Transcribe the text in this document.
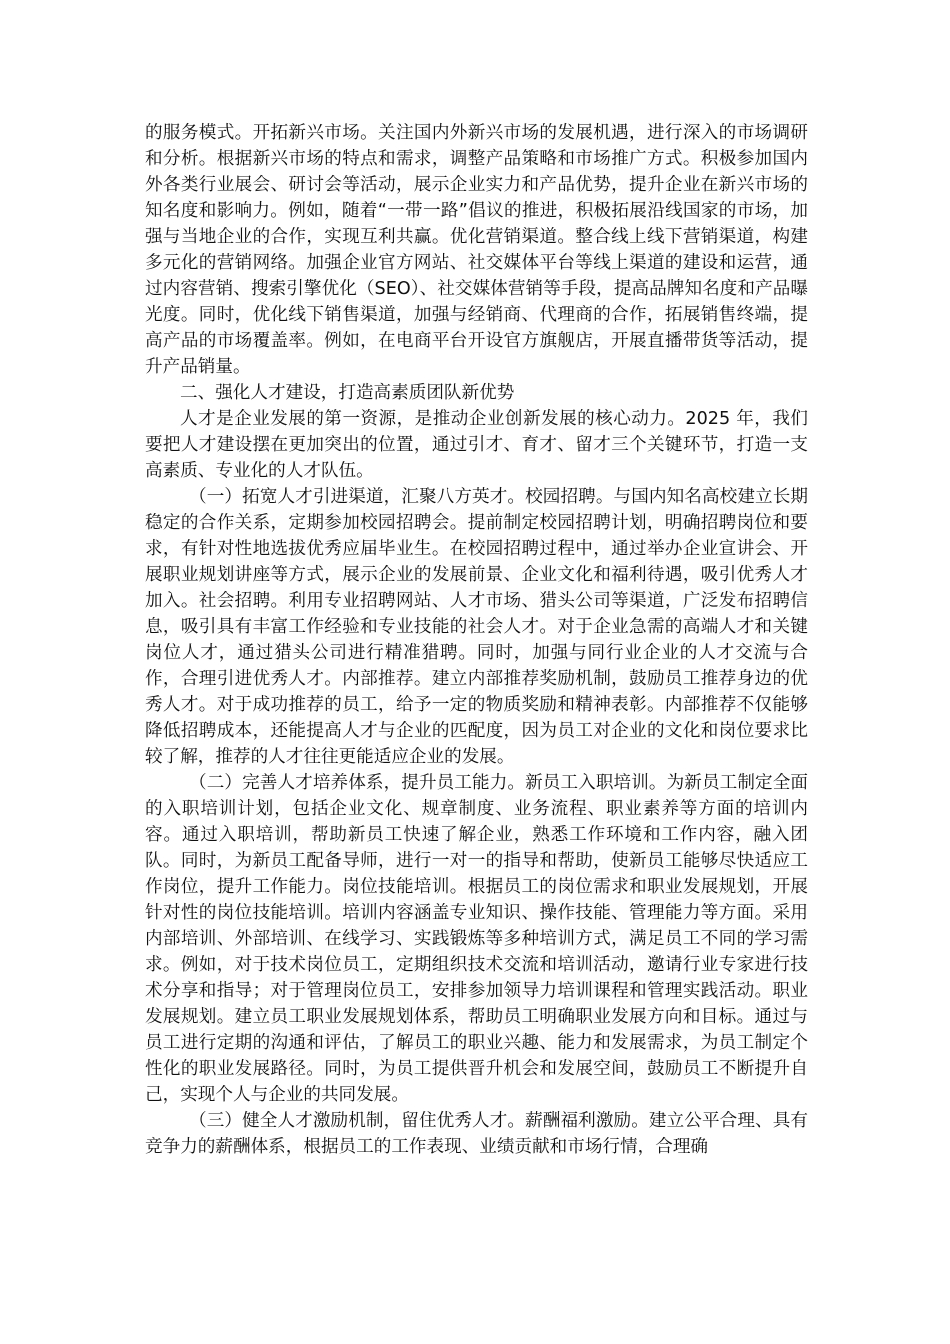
的服务模式。开拓新兴市场。关注国内外新兴市场的发展机遇，进行深入的市场调研和分析。根据新兴市场的特点和需求，调整产品策略和市场推广方式。积极参加国内外各类行业展会、研讨会等活动，展示企业实力和产品优势，提升企业在新兴市场的知名度和影响力。例如，随着“一带一路”倡议的推进，积极拓展沿线国家的市场，加强与当地企业的合作，实现互利共赢。优化营销渠道。整合线上线下营销渠道，构建多元化的营销网络。加强企业官方网站、社交媒体平台等线上渠道的建设和运营，通过内容营销、搜索引擎优化（SEO）、社交媒体营销等手段，提高品牌知名度和产品曝光度。同时，优化线下销售渠道，加强与经销商、代理商的合作，拓展销售终端，提高产品的市场覆盖率。例如，在电商平台开设官方旗舰店，开展直播带货等活动，提升产品销量。

二、强化人才建设，打造高素质团队新优势

人才是企业发展的第一资源，是推动企业创新发展的核心动力。2025 年，我们要把人才建设摆在更加突出的位置，通过引才、育才、留才三个关键环节，打造一支高素质、专业化的人才队伍。

（一）拓宽人才引进渠道，汇聚八方英才。校园招聘。与国内知名高校建立长期稳定的合作关系，定期参加校园招聘会。提前制定校园招聘计划，明确招聘岗位和要求，有针对性地选拔优秀应届毕业生。在校园招聘过程中，通过举办企业宣讲会、开展职业规划讲座等方式，展示企业的发展前景、企业文化和福利待遇，吸引优秀人才加入。社会招聘。利用专业招聘网站、人才市场、猎头公司等渠道，广泛发布招聘信息，吸引具有丰富工作经验和专业技能的社会人才。对于企业急需的高端人才和关键岗位人才，通过猎头公司进行精准猎聘。同时，加强与同行业企业的人才交流与合作，合理引进优秀人才。内部推荐。建立内部推荐奖励机制，鼓励员工推荐身边的优秀人才。对于成功推荐的员工，给予一定的物质奖励和精神表彰。内部推荐不仅能够降低招聘成本，还能提高人才与企业的匹配度，因为员工对企业的文化和岗位要求比较了解，推荐的人才往往更能适应企业的发展。

（二）完善人才培养体系，提升员工能力。新员工入职培训。为新员工制定全面的入职培训计划，包括企业文化、规章制度、业务流程、职业素养等方面的培训内容。通过入职培训，帮助新员工快速了解企业，熟悉工作环境和工作内容，融入团队。同时，为新员工配备导师，进行一对一的指导和帮助，使新员工能够尽快适应工作岗位，提升工作能力。岗位技能培训。根据员工的岗位需求和职业发展规划，开展针对性的岗位技能培训。培训内容涵盖专业知识、操作技能、管理能力等方面。采用内部培训、外部培训、在线学习、实践锻炼等多种培训方式，满足员工不同的学习需求。例如，对于技术岗位员工，定期组织技术交流和培训活动，邀请行业专家进行技术分享和指导；对于管理岗位员工，安排参加领导力培训课程和管理实践活动。职业发展规划。建立员工职业发展规划体系，帮助员工明确职业发展方向和目标。通过与员工进行定期的沟通和评估，了解员工的职业兴趣、能力和发展需求，为员工制定个性化的职业发展路径。同时，为员工提供晋升机会和发展空间，鼓励员工不断提升自己，实现个人与企业的共同发展。

（三）健全人才激励机制，留住优秀人才。薪酬福利激励。建立公平合理、具有竞争力的薪酬体系，根据员工的工作表现、业绩贡献和市场行情，合理确
